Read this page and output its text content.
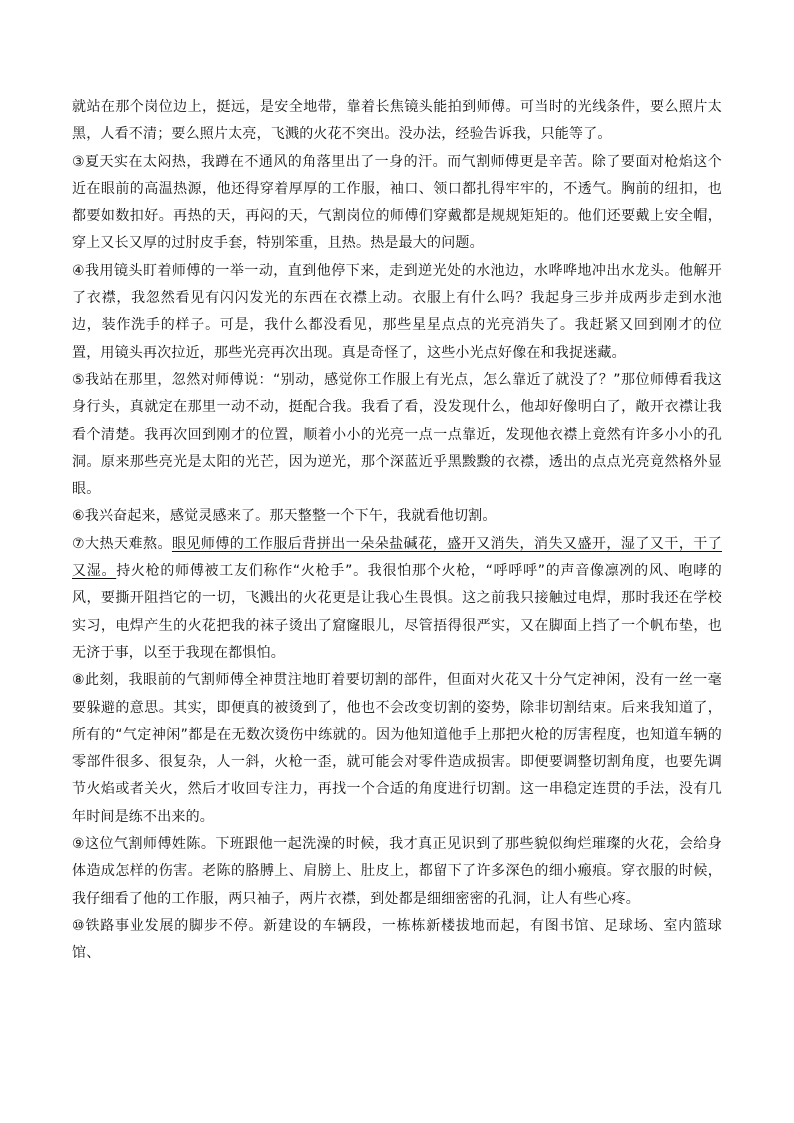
就站在那个岗位边上，挺远，是安全地带，靠着长焦镜头能拍到师傅。可当时的光线条件，要么照片太黑，人看不清；要么照片太亮，飞溅的火花不突出。没办法，经验告诉我，只能等了。

③夏天实在太闷热，我蹲在不通风的角落里出了一身的汗。而气割师傅更是辛苦。除了要面对枪焰这个近在眼前的高温热源，他还得穿着厚厚的工作服，袖口、领口都扎得牢牢的，不透气。胸前的纽扣，也都要如数扣好。再热的天，再闷的天，气割岗位的师傅们穿戴都是规规矩矩的。他们还要戴上安全帽，穿上又长又厚的过肘皮手套，特别笨重，且热。热是最大的问题。

④我用镜头盯着师傅的一举一动，直到他停下来，走到逆光处的水池边，水哗哗地冲出水龙头。他解开了衣襟，我忽然看见有闪闪发光的东西在衣襟上动。衣服上有什么吗？我起身三步并成两步走到水池边，装作洗手的样子。可是，我什么都没看见，那些星星点点的光亮消失了。我赶紧又回到刚才的位置，用镜头再次拉近，那些光亮再次出现。真是奇怪了，这些小光点好像在和我捉迷藏。

⑤我站在那里，忽然对师傅说：“别动，感觉你工作服上有光点，怎么靠近了就没了？”那位师傅看我这身行头，真就定在那里一动不动，挺配合我。我看了看，没发现什么，他却好像明白了，敞开衣襟让我看个清楚。我再次回到刚才的位置，顺着小小的光亮一点一点靠近，发现他衣襟上竟然有许多小小的孔洞。原来那些亮光是太阳的光芒，因为逆光，那个深蓝近乎黑黢黢的衣襟，透出的点点光亮竟然格外显眼。

⑥我兴奋起来，感觉灵感来了。那天整整一个下午，我就看他切割。

⑦大热天难熬。眼见师傅的工作服后背拼出一朵朵盐碱花，盛开又消失，消失又盛开，湿了又干，干了又湿。持火枪的师傅被工友们称作“火枪手”。我很怕那个火枪，“呼呼呼”的声音像凛冽的风、咆哮的风，要撕开阻挡它的一切，飞溅出的火花更是让我心生畏惧。这之前我只接触过电焊，那时我还在学校实习，电焊产生的火花把我的袜子烫出了窟窿眼儿，尽管捂得很严实，又在脚面上挡了一个帆布垫，也无济于事，以至于我现在都惧怕。

⑧此刻，我眼前的气割师傅全神贯注地盯着要切割的部件，但面对火花又十分气定神闲，没有一丝一毫要躲避的意思。其实，即便真的被烫到了，他也不会改变切割的姿势，除非切割结束。后来我知道了，所有的“气定神闲”都是在无数次烫伤中练就的。因为他知道他手上那把火枪的厉害程度，也知道车辆的零部件很多、很复杂，人一斜，火枪一歪，就可能会对零件造成损害。即便要调整切割角度，也要先调节火焰或者关火，然后才收回专注力，再找一个合适的角度进行切割。这一串稳定连贯的手法，没有几年时间是练不出来的。

⑨这位气割师傅姓陈。下班跟他一起洗澡的时候，我才真正见识到了那些貌似绚烂璀璨的火花，会给身体造成怎样的伤害。老陈的胳膊上、肩膀上、肚皮上，都留下了许多深色的细小瘢痕。穿衣服的时候，我仔细看了他的工作服，两只袖子，两片衣襟，到处都是细细密密的孔洞，让人有些心疼。

⑩铁路事业发展的脚步不停。新建设的车辆段，一栋栋新楼拔地而起，有图书馆、足球场、室内篮球馆、
